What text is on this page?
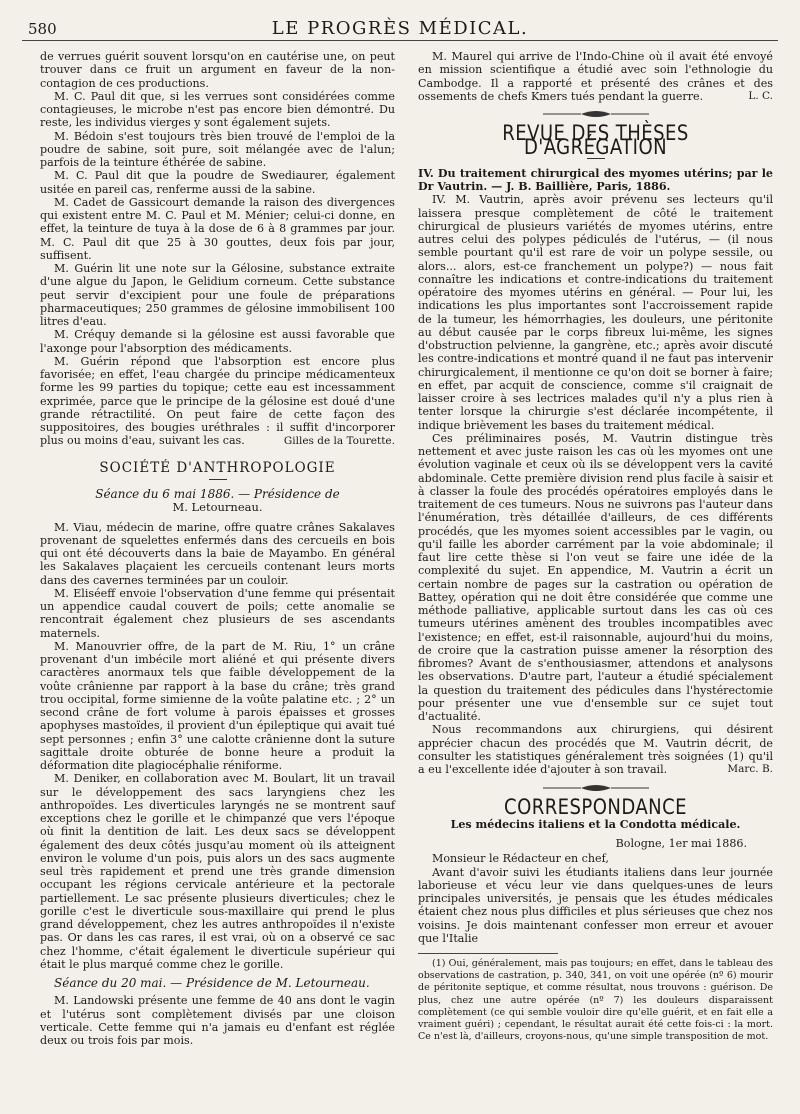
580	LE PROGRÈS MÉDICAL.

de verrues guérit souvent lorsqu'on en cautérise une, on peut trouver dans ce fruit un argument en faveur de la non-contagion de ces productions.

M. C. Paul dit que, si les verrues sont considérées comme contagieuses, le microbe n'est pas encore bien démontré. Du reste, les individus vierges y sont également sujets.

M. Bédoin s'est toujours très bien trouvé de l'emploi de la poudre de sabine, soit pure, soit mélangée avec de l'alun; parfois de la teinture éthérée de sabine.

M. C. Paul dit que la poudre de Swediaurer, également usitée en pareil cas, renferme aussi de la sabine.

M. Cadet de Gassicourt demande la raison des divergences qui existent entre M. C. Paul et M. Ménier; celui-ci donne, en effet, la teinture de tuya à la dose de 6 à 8 grammes par jour. M. C. Paul dit que 25 à 30 gouttes, deux fois par jour, suffisent.

M. Guérin lit une note sur la Gélosine, substance extraite d'une algue du Japon, le Gelidium corneum. Cette substance peut servir d'excipient pour une foule de préparations pharmaceutiques; 250 grammes de gélosine immobilisent 100 litres d'eau.

M. Créquy demande si la gélosine est aussi favorable que l'axonge pour l'absorption des médicaments.

M. Guérin répond que l'absorption est encore plus favorisée; en effet, l'eau chargée du principe médicamenteux forme les 99 parties du topique; cette eau est incessamment exprimée, parce que le principe de la gélosine est doué d'une grande rétractilité. On peut faire de cette façon des suppositoires, des bougies uréthrales : il suffit d'incorporer plus ou moins d'eau, suivant les cas.	Gilles de la Tourette.
SOCIÉTÉ D'ANTHROPOLOGIE
Séance du 6 mai 1886. — Présidence de
M. Letourneau.

M. Viau, médecin de marine, offre quatre crânes Sakalaves provenant de squelettes enfermés dans des cercueils en bois qui ont été découverts dans la baie de Mayambo. En général les Sakalaves plaçaient les cercueils contenant leurs morts dans des cavernes terminées par un couloir.

M. Eliséeff envoie l'observation d'une femme qui présentait un appendice caudal couvert de poils; cette anomalie se rencontrait également chez plusieurs de ses ascendants maternels.

M. Manouvrier offre, de la part de M. Riu, 1° un crâne provenant d'un imbécile mort aliéné et qui présente divers caractères anormaux tels que faible développement de la voûte crânienne par rapport à la base du crâne; très grand trou occipital, forme simienne de la voûte palatine etc. ; 2° un second crâne de fort volume à parois épaisses et grosses apophyses mastoïdes, il provient d'un épileptique qui avait tué sept personnes ; enfin 3° une calotte crânienne dont la suture sagittale droite obturée de bonne heure a produit la déformation dite plagiocéphalie réniforme.

M. Deniker, en collaboration avec M. Boulart, lit un travail sur le développement des sacs laryngiens chez les anthropoïdes. Les diverticules laryngés ne se montrent sauf exceptions chez le gorille et le chimpanzé que vers l'époque où finit la dentition de lait. Les deux sacs se développent également des deux côtés jusqu'au moment où ils atteignent environ le volume d'un pois, puis alors un des sacs augmente seul très rapidement et prend une très grande dimension occupant les régions cervicale antérieure et la pectorale partiellement. Le sac présente plusieurs diverticules; chez le gorille c'est le diverticule sous-maxillaire qui prend le plus grand développement, chez les autres anthropoïdes il n'existe pas. Or dans les cas rares, il est vrai, où on a observé ce sac chez l'homme, c'était également le diverticule supérieur qui était le plus marqué comme chez le gorille.

Séance du 20 mai. — Présidence de M. Letourneau.

M. Landowski présente une femme de 40 ans dont le vagin et l'utérus sont complètement divisés par une cloison verticale. Cette femme qui n'a jamais eu d'enfant est réglée deux ou trois fois par mois.

M. Maurel qui arrive de l'Indo-Chine où il avait été envoyé en mission scientifique a étudié avec soin l'ethnologie du Cambodge. Il a rapporté et présenté des crânes et des ossements de chefs Kmers tués pendant la guerre.	L. C.
REVUE DES THÈSES D'AGRÉGATION

IV. Du traitement chirurgical des myomes utérins; par le Dr Vautrin. — J. B. Baillière, Paris, 1886.

IV. M. Vautrin, après avoir prévenu ses lecteurs qu'il laissera presque complètement de côté le traitement chirurgical de plusieurs variétés de myomes utérins, entre autres celui des polypes pédiculés de l'utérus, — (il nous semble pourtant qu'il est rare de voir un polype sessile, ou alors... alors, est-ce franchement un polype?) — nous fait connaître les indications et contre-indications du traitement opératoire des myomes utérins en général. — Pour lui, les indications les plus importantes sont l'accroissement rapide de la tumeur, les hémorrhagies, les douleurs, une péritonite au début causée par le corps fibreux lui-même, les signes d'obstruction pelvienne, la gangrène, etc.; après avoir discuté les contre-indications et montré quand il ne faut pas intervenir chirurgicalement, il mentionne ce qu'on doit se borner à faire; en effet, par acquit de conscience, comme s'il craignait de laisser croire à ses lectrices malades qu'il n'y a plus rien à tenter lorsque la chirurgie s'est déclarée incompétente, il indique brièvement les bases du traitement médical.

Ces préliminaires posés, M. Vautrin distingue très nettement et avec juste raison les cas où les myomes ont une évolution vaginale et ceux où ils se développent vers la cavité abdominale. Cette première division rend plus facile à saisir et à classer la foule des procédés opératoires employés dans le traitement de ces tumeurs. Nous ne suivrons pas l'auteur dans l'énumération, très détaillée d'ailleurs, de ces différents procédés, que les myomes soient accessibles par le vagin, ou qu'il faille les aborder carrément par la voie abdominale; il faut lire cette thèse si l'on veut se faire une idée de la complexité du sujet. En appendice, M. Vautrin a écrit un certain nombre de pages sur la castration ou opération de Battey, opération qui ne doit être considérée que comme une méthode palliative, applicable surtout dans les cas où ces tumeurs utérines amènent des troubles incompatibles avec l'existence; en effet, est-il raisonnable, aujourd'hui du moins, de croire que la castration puisse amener la résorption des fibromes? Avant de s'enthousiasmer, attendons et analysons les observations. D'autre part, l'auteur a étudié spécialement la question du traitement des pédicules dans l'hystérectomie pour présenter une vue d'ensemble sur ce sujet tout d'actualité.

Nous recommandons aux chirurgiens, qui désirent apprécier chacun des procédés que M. Vautrin décrit, de consulter les statistiques généralement très soignées (1) qu'il a eu l'excellente idée d'ajouter à son travail.	Marc. B.
CORRESPONDANCE
Les médecins italiens et la Condotta médicale.
Bologne, 1er mai 1886.

Monsieur le Rédacteur en chef,

Avant d'avoir suivi les étudiants italiens dans leur journée laborieuse et vécu leur vie dans quelques-unes de leurs principales universités, je pensais que les études médicales étaient chez nous plus difficiles et plus sérieuses que chez nos voisins. Je dois maintenant confesser mon erreur et avouer que l'Italie

(1) Oui, généralement, mais pas toujours; en effet, dans le tableau des observations de castration, p. 340, 341, on voit une opérée (nº 6) mourir de péritonite septique, et comme résultat, nous trouvons : guérison. De plus, chez une autre opérée (nº 7) les douleurs disparaissent complètement (ce qui semble vouloir dire qu'elle guérit, et en fait elle a vraiment guéri) ; cependant, le résultat aurait été cette fois-ci : la mort. Ce n'est là, d'ailleurs, croyons-nous, qu'une simple transposition de mot.
